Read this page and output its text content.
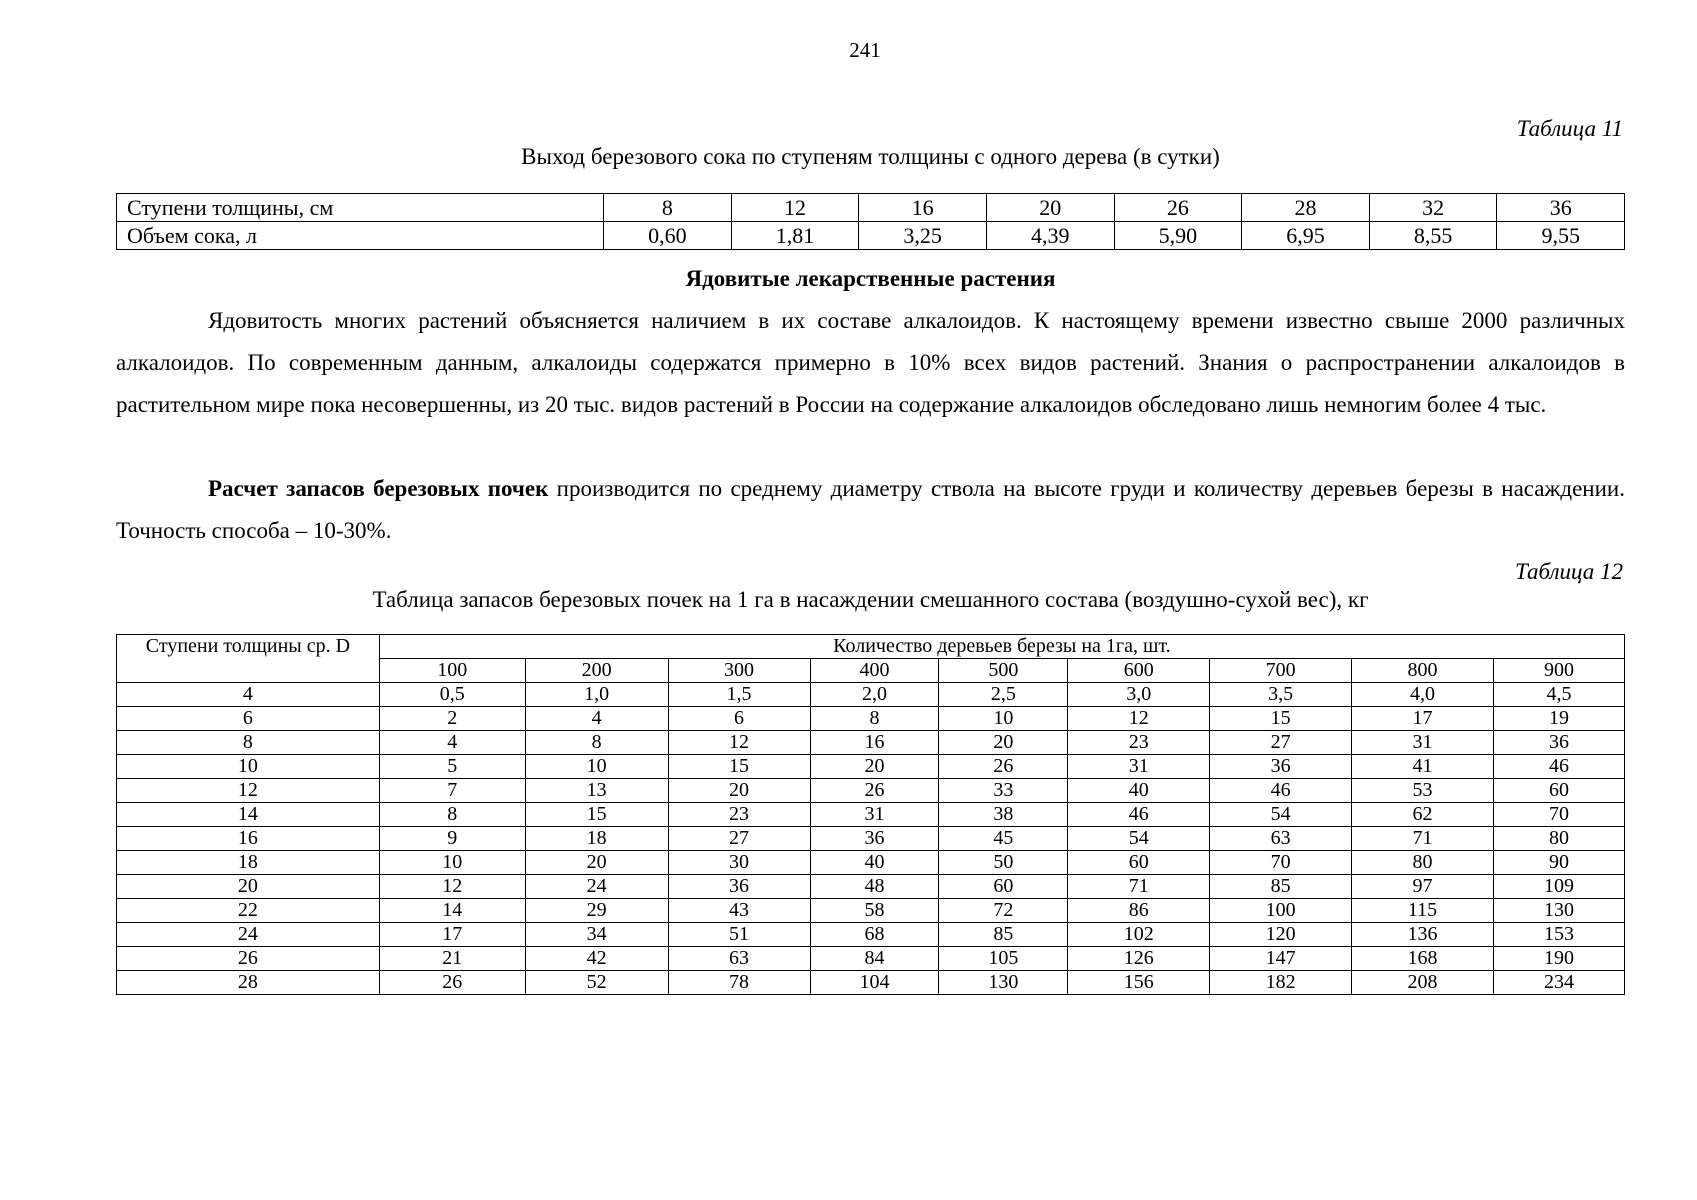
241
Таблица 11
Выход березового сока по ступеням толщины с одного дерева (в сутки)
Ступени толщины, см	8	12	16	20	26	28	32	36
Объем сока, л	0,60	1,81	3,25	4,39	5,90	6,95	8,55	9,55
Ядовитые лекарственные растения

Ядовитость многих растений объясняется наличием в их составе алкалоидов. К настоящему времени известно свыше 2000 различных алкалоидов. По современным данным, алкалоиды содержатся примерно в 10% всех видов растений. Знания о распространении алкалоидов в растительном мире пока несовершенны, из 20 тыс. видов растений в России на содержание алкалоидов обследовано лишь немногим более 4 тыс.

Расчет запасов березовых почек производится по среднему диаметру ствола на высоте груди и количеству деревьев березы в насаждении. Точность способа – 10-30%.

Таблица 12
Таблица запасов березовых почек на 1 га в насаждении смешанного состава (воздушно-сухой вес), кг
Ступени толщины ср. D	Количество деревьев березы на 1га, шт.								
	100	200	300	400	500	600	700	800	900
4	0,5	1,0	1,5	2,0	2,5	3,0	3,5	4,0	4,5
6	2	4	6	8	10	12	15	17	19
8	4	8	12	16	20	23	27	31	36
10	5	10	15	20	26	31	36	41	46
12	7	13	20	26	33	40	46	53	60
14	8	15	23	31	38	46	54	62	70
16	9	18	27	36	45	54	63	71	80
18	10	20	30	40	50	60	70	80	90
20	12	24	36	48	60	71	85	97	109
22	14	29	43	58	72	86	100	115	130
24	17	34	51	68	85	102	120	136	153
26	21	42	63	84	105	126	147	168	190
28	26	52	78	104	130	156	182	208	234
